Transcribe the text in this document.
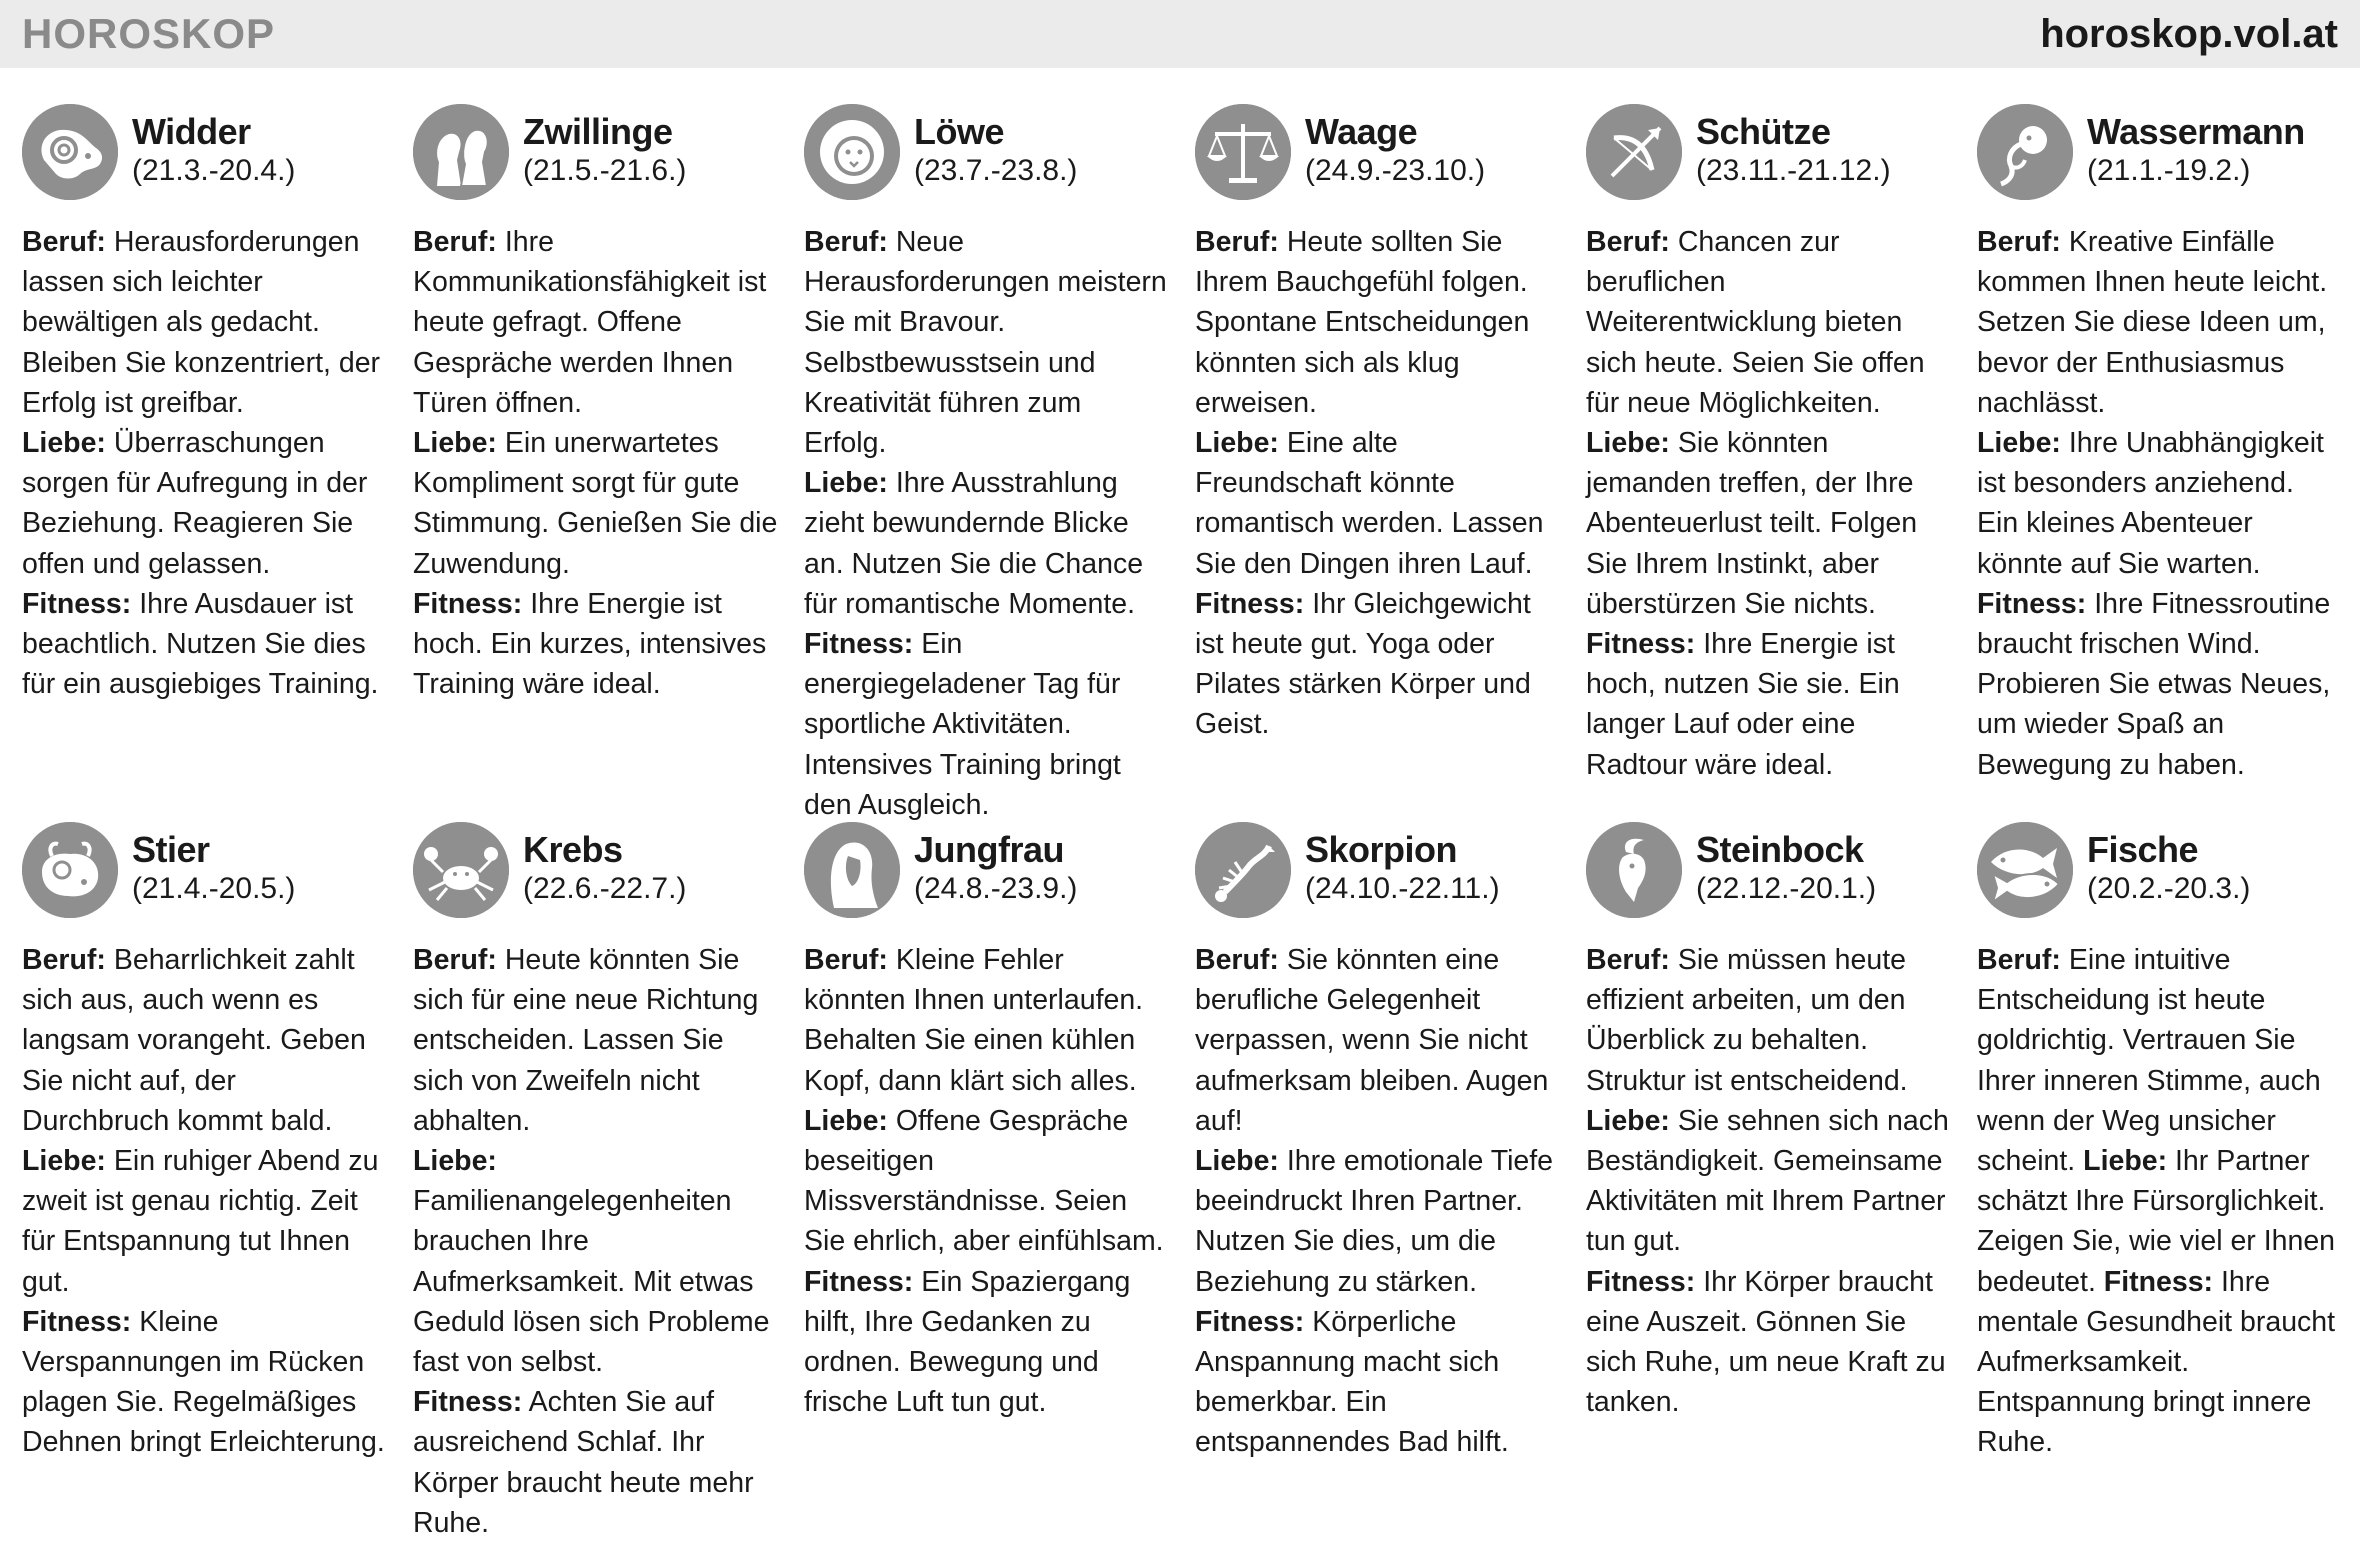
HOROSKOP	horoskop.vol.at
Widder
(21.3.-20.4.)
Beruf: Herausforderungen lassen sich leichter bewältigen als gedacht. Bleiben Sie konzentriert, der Erfolg ist greifbar.
Liebe: Überraschungen sorgen für Aufregung in der Beziehung. Reagieren Sie offen und gelassen.
Fitness: Ihre Ausdauer ist beachtlich. Nutzen Sie dies für ein ausgiebiges Training.
Zwillinge
(21.5.-21.6.)
Beruf: Ihre Kommunikationsfähigkeit ist heute gefragt. Offene Gespräche werden Ihnen Türen öffnen.
Liebe: Ein unerwartetes Kompliment sorgt für gute Stimmung. Genießen Sie die Zuwendung.
Fitness: Ihre Energie ist hoch. Ein kurzes, intensives Training wäre ideal.
Löwe
(23.7.-23.8.)
Beruf: Neue Herausforderungen meistern Sie mit Bravour. Selbstbewusstsein und Kreativität führen zum Erfolg.
Liebe: Ihre Ausstrahlung zieht bewundernde Blicke an. Nutzen Sie die Chance für romantische Momente. Fitness: Ein energiegeladener Tag für sportliche Aktivitäten. Intensives Training bringt den Ausgleich.
Waage
(24.9.-23.10.)
Beruf: Heute sollten Sie Ihrem Bauchgefühl folgen. Spontane Entscheidungen könnten sich als klug erweisen.
Liebe: Eine alte Freundschaft könnte romantisch werden. Lassen Sie den Dingen ihren Lauf.
Fitness: Ihr Gleichgewicht ist heute gut. Yoga oder Pilates stärken Körper und Geist.
Schütze
(23.11.-21.12.)
Beruf: Chancen zur beruflichen Weiterentwicklung bieten sich heute. Seien Sie offen für neue Möglichkeiten. Liebe: Sie könnten jemanden treffen, der Ihre Abenteuerlust teilt. Folgen Sie Ihrem Instinkt, aber überstürzen Sie nichts.
Fitness: Ihre Energie ist hoch, nutzen Sie sie. Ein langer Lauf oder eine Radtour wäre ideal.
Wassermann
(21.1.-19.2.)
Beruf: Kreative Einfälle kommen Ihnen heute leicht. Setzen Sie diese Ideen um, bevor der Enthusiasmus nachlässt.
Liebe: Ihre Unabhängigkeit ist besonders anziehend. Ein kleines Abenteuer könnte auf Sie warten.
Fitness: Ihre Fitnessroutine braucht frischen Wind. Probieren Sie etwas Neues, um wieder Spaß an Bewegung zu haben.
Stier
(21.4.-20.5.)
Beruf: Beharrlichkeit zahlt sich aus, auch wenn es langsam vorangeht. Geben Sie nicht auf, der Durchbruch kommt bald.
Liebe: Ein ruhiger Abend zu zweit ist genau richtig. Zeit für Entspannung tut Ihnen gut.
Fitness: Kleine Verspannungen im Rücken plagen Sie. Regelmäßiges Dehnen bringt Erleichterung.
Krebs
(22.6.-22.7.)
Beruf: Heute könnten Sie sich für eine neue Richtung entscheiden. Lassen Sie sich von Zweifeln nicht abhalten.
Liebe: Familienangelegenheiten brauchen Ihre Aufmerksamkeit. Mit etwas Geduld lösen sich Probleme fast von selbst.
Fitness: Achten Sie auf ausreichend Schlaf. Ihr Körper braucht heute mehr Ruhe.
Jungfrau
(24.8.-23.9.)
Beruf: Kleine Fehler könnten Ihnen unterlaufen. Behalten Sie einen kühlen Kopf, dann klärt sich alles.
Liebe: Offene Gespräche beseitigen Missverständnisse. Seien Sie ehrlich, aber einfühlsam.
Fitness: Ein Spaziergang hilft, Ihre Gedanken zu ordnen. Bewegung und frische Luft tun gut.
Skorpion
(24.10.-22.11.)
Beruf: Sie könnten eine berufliche Gelegenheit verpassen, wenn Sie nicht aufmerksam bleiben. Augen auf!
Liebe: Ihre emotionale Tiefe beeindruckt Ihren Partner. Nutzen Sie dies, um die Beziehung zu stärken.
Fitness: Körperliche Anspannung macht sich bemerkbar. Ein entspannendes Bad hilft.
Steinbock
(22.12.-20.1.)
Beruf: Sie müssen heute effizient arbeiten, um den Überblick zu behalten. Struktur ist entscheidend.
Liebe: Sie sehnen sich nach Beständigkeit. Gemeinsame Aktivitäten mit Ihrem Partner tun gut.
Fitness: Ihr Körper braucht eine Auszeit. Gönnen Sie sich Ruhe, um neue Kraft zu tanken.
Fische
(20.2.-20.3.)
Beruf: Eine intuitive Entscheidung ist heute goldrichtig. Vertrauen Sie Ihrer inneren Stimme, auch wenn der Weg unsicher scheint. Liebe: Ihr Partner schätzt Ihre Fürsorglichkeit. Zeigen Sie, wie viel er Ihnen bedeutet. Fitness: Ihre mentale Gesundheit braucht Aufmerksamkeit. Entspannung bringt innere Ruhe.
